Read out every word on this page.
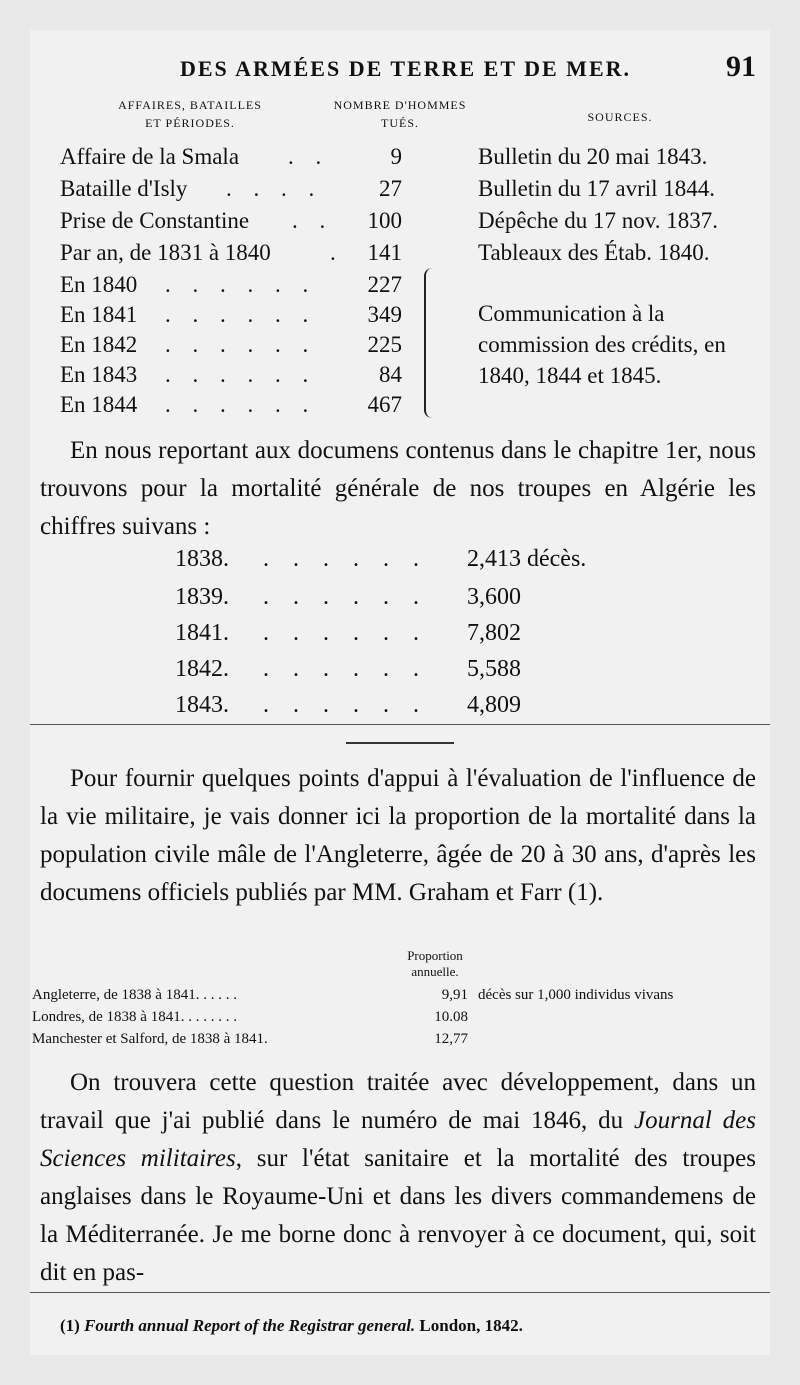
DES ARMÉES DE TERRE ET DE MER.	91
AFFAIRES, BATAILLES
ET PÉRIODES.
NOMBRE D'HOMMES
TUÉS.	SOURCES.
Affaire de la Smala . .	9	Bulletin du 20 mai 1843.
Bataille d'Isly . . . . 27	Bulletin du 17 avril 1844.
Prise de Constantine . . 100	Dépêche du 17 nov. 1837.
Par an, de 1831 à 1840	. 141	Tableaux des Étab. 1840.
En 1840 . . . . . . 227
En 1841 . . . . . . 349
En 1842 . . . . . . 225
En 1843 . . . . . .	84
En 1844 . . . . . . 467
Communication à la commission des crédits, en 1840, 1844 et 1845.
En nous reportant aux documens contenus dans le chapitre 1er, nous trouvons pour la mortalité générale de nos troupes en Algérie les chiffres suivans :
1838. . . . . . . 2,413 décès.
1839. . . . . . . 3,600
1841. . . . . . . 7,802
1842. . . . . . . 5,588
1843. . . . . . . 4,809
Pour fournir quelques points d'appui à l'évaluation de l'influence de la vie militaire, je vais donner ici la proportion de la mortalité dans la population civile mâle de l'Angleterre, âgée de 20 à 30 ans, d'après les documens officiels publiés par MM. Graham et Farr (1).
Proportion
annuelle.
Angleterre, de 1838 à 1841. . . . . .	9,91 décès sur 1,000 individus vivans
Londres, de 1838 à 1841. . . . . . . .	10.08
Manchester et Salford, de 1838 à 1841.	12,77
On trouvera cette question traitée avec développement, dans un travail que j'ai publié dans le numéro de mai 1846, du Journal des Sciences militaires, sur l'état sanitaire et la mortalité des troupes anglaises dans le Royaume-Uni et dans les divers commandemens de la Méditerranée. Je me borne donc à renvoyer à ce document, qui, soit dit en pas-
(1) Fourth annual Report of the Registrar general. London, 1842.
